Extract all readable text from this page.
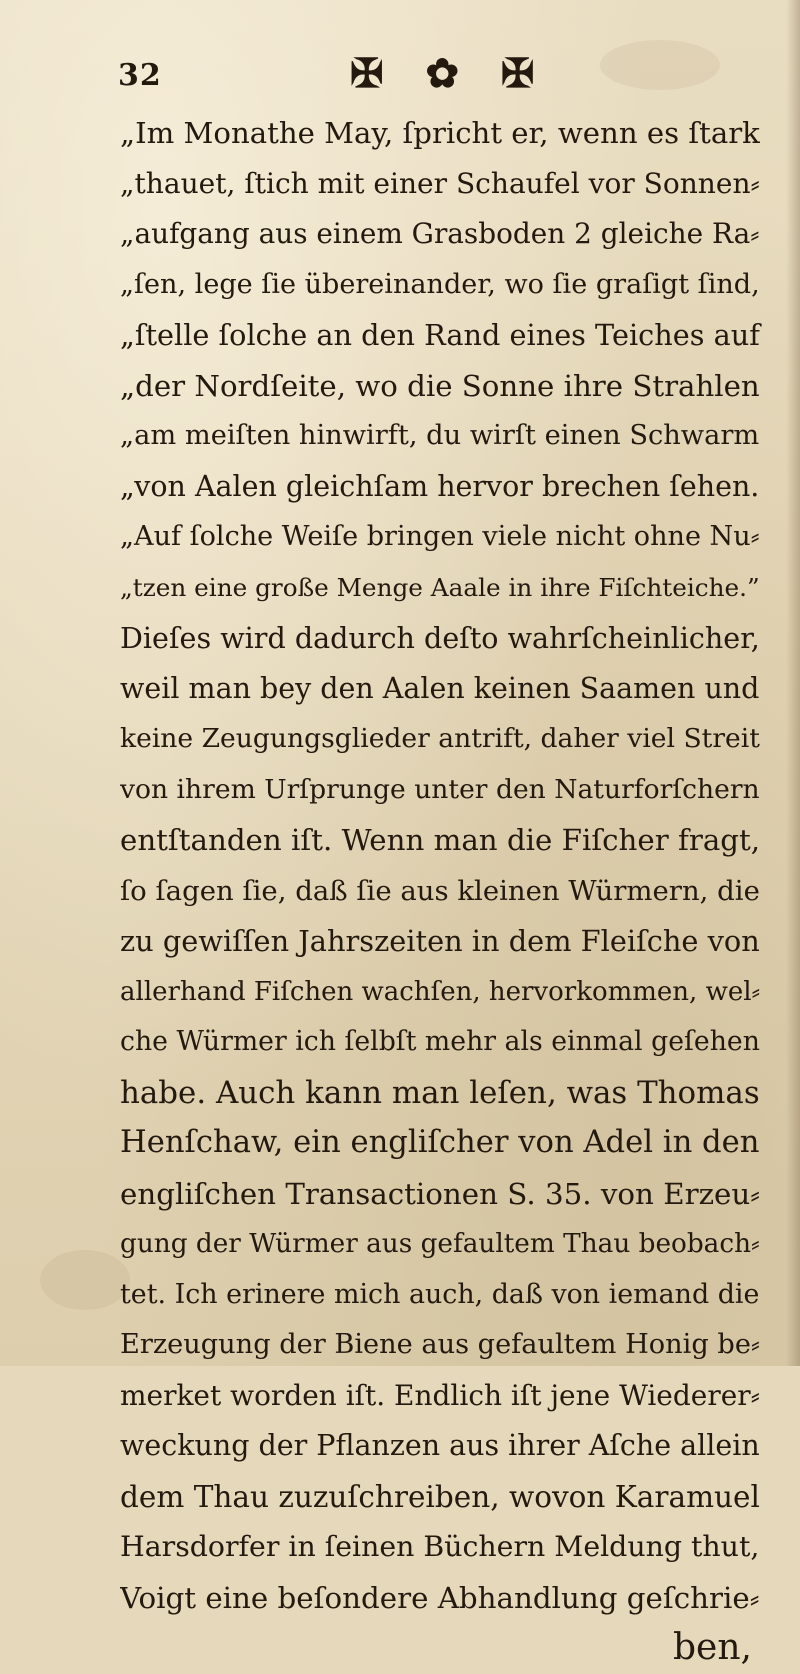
32	✠ ✿ ✠
„Im Monathe May, ſpricht er, wenn es ſtark
„thauet, ſtich mit einer Schaufel vor Sonnen⸗
„aufgang aus einem Grasboden 2 gleiche Ra⸗
„ſen, lege ſie übereinander, wo ſie graſigt ſind,
„ſtelle ſolche an den Rand eines Teiches auf
„der Nordſeite, wo die Sonne ihre Strahlen
„am meiſten hinwirft, du wirſt einen Schwarm
„von Aalen gleichſam hervor brechen ſehen.
„Auf ſolche Weiſe bringen viele nicht ohne Nu⸗
„tzen eine große Menge Aaale in ihre Fiſchteiche.”
Dieſes wird dadurch deſto wahrſcheinlicher,
weil man bey den Aalen keinen Saamen und
keine Zeugungsglieder antrift, daher viel Streit
von ihrem Urſprunge unter den Naturforſchern
entſtanden iſt. Wenn man die Fiſcher fragt,
ſo ſagen ſie, daß ſie aus kleinen Würmern, die
zu gewiſſen Jahrszeiten in dem Fleiſche von
allerhand Fiſchen wachſen, hervorkommen, wel⸗
che Würmer ich ſelbſt mehr als einmal geſehen
habe. Auch kann man leſen, was Thomas
Henſchaw, ein engliſcher von Adel in den
engliſchen Transactionen S. 35. von Erzeu⸗
gung der Würmer aus gefaultem Thau beobach⸗
tet. Ich erinere mich auch, daß von iemand die
Erzeugung der Biene aus gefaultem Honig be⸗
merket worden iſt. Endlich iſt jene Wiederer⸗
weckung der Pflanzen aus ihrer Aſche allein
dem Thau zuzuſchreiben, wovon Karamuel
Harsdorfer in ſeinen Büchern Meldung thut,
Voigt eine beſondere Abhandlung geſchrie⸗
ben,
